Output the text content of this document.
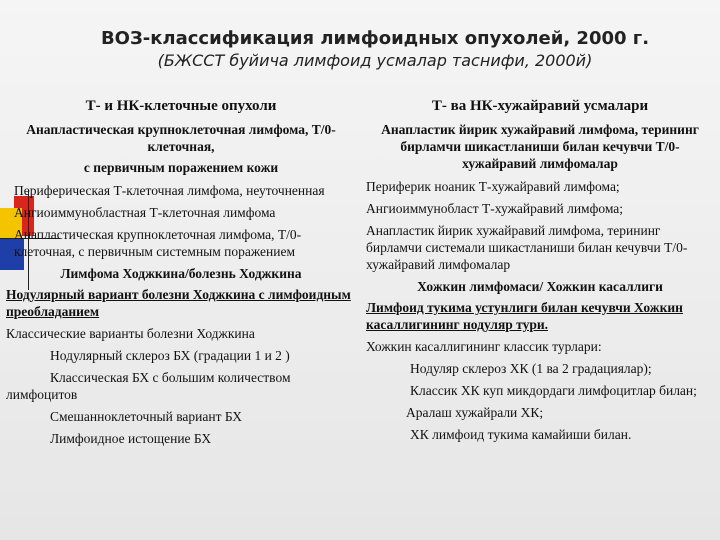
ВОЗ-классификация лимфоидных опухолей, 2000 г.
(БЖССТ буйича лимфоид усмалар таснифи, 2000й)
Т- и НК-клеточные опухоли
Анапластическая крупноклеточная лимфома, Т/0- клеточная,
с первичным поражением кожи
Периферическая Т-клеточная лимфома, неуточненная
Ангиоиммунобластная Т-клеточная лимфома
Анапластическая крупноклеточная лимфома, Т/0-клеточная, с первичным системным поражением
Лимфома Ходжкина/болезнь Ходжкина
Нодулярный вариант болезни Ходжкина с лимфоидным преобладанием
Классические варианты болезни Ходжкина
Нодулярный склероз БХ (градации 1 и 2 )
Классическая БХ с большим количеством лимфоцитов
Смешанноклеточный вариант БХ
Лимфоидное истощение БХ
Т- ва НК-хужайравий усмалари
Анапластик йирик хужайравий лимфома, терининг бирламчи шикастланиши билан кечувчи Т/0- хужайравий лимфомалар
Периферик ноаник Т-хужайравий лимфома;
Ангиоиммунобласт Т-хужайравий лимфома;
Анапластик йирик хужайравий лимфома, терининг бирламчи системали шикастланиши билан кечувчи Т/0- хужайравий лимфомалар
Хожкин лимфомаси/ Хожкин касаллиги
Лимфоид тукима устунлиги билан кечувчи Хожкин касаллигининг нодуляр тури.
Хожкин касаллигининг классик турлари:
Нодуляр склероз ХК (1 ва 2 градациялар);
Классик ХК куп микдордаги лимфоцитлар билан;
Аралаш хужайрали ХК;
ХК лимфоид тукима камайиши билан.
